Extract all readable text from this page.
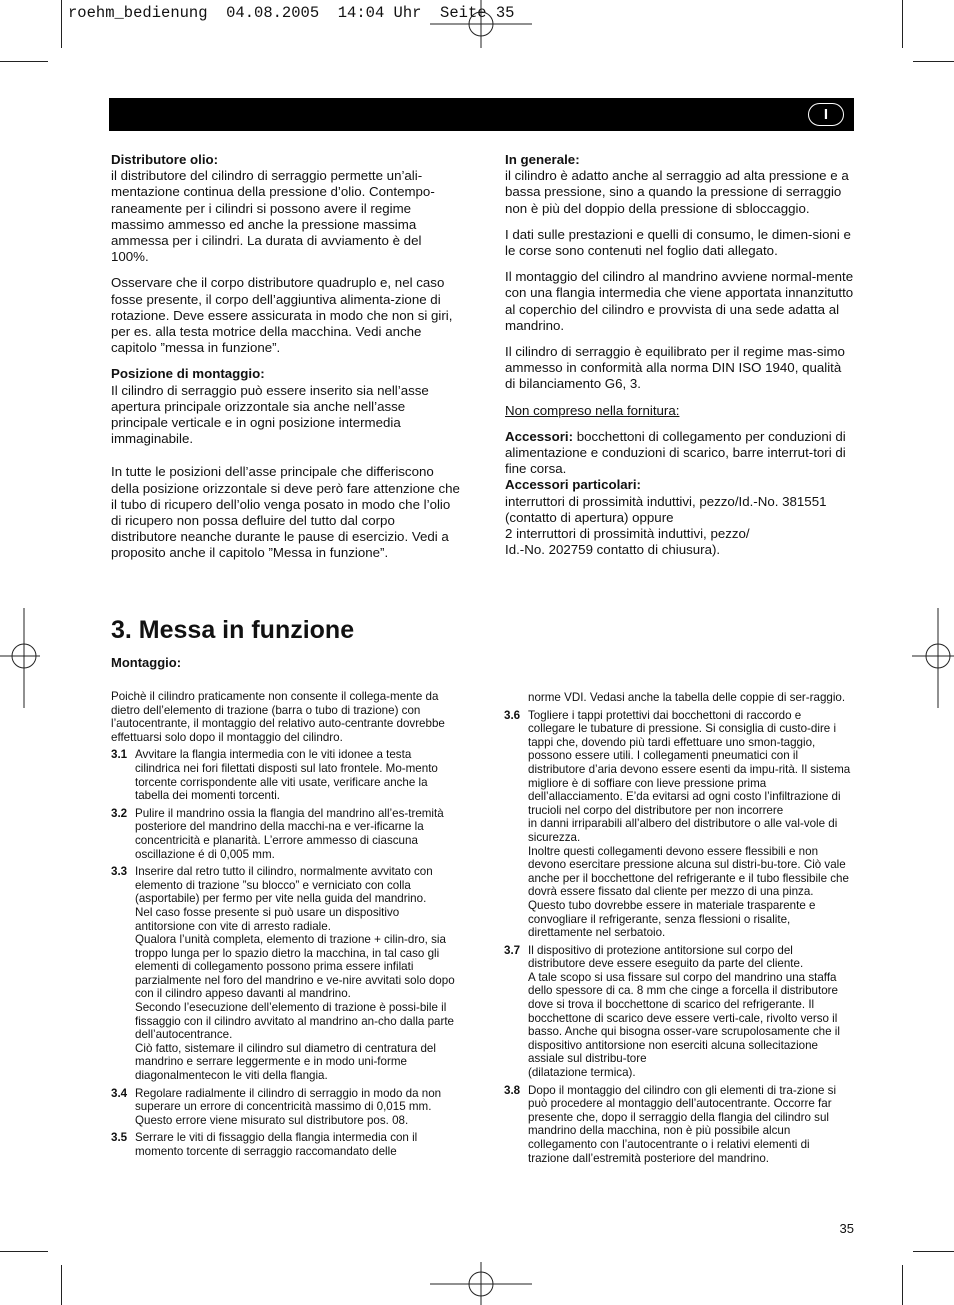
roehm_bedienung  04.08.2005  14:04 Uhr  Seite 35
I

Distributore olio:

il distributore del cilindro di serraggio permette un’ali-mentazione continua della pressione d’olio. Contempo-raneamente per i cilindri si possono avere il regime massimo ammesso ed anche la pressione massima ammessa per i cilindri. La durata di avviamento è del 100%.

Osservare che il corpo distributore quadruplo e, nel caso fosse presente, il corpo dell’aggiuntiva alimenta-zione di rotazione. Deve essere assicurata in modo che non si giri, per es. alla testa motrice della macchina. Vedi anche capitolo ”messa in funzione”.

Posizione di montaggio:

Il cilindro di serraggio può essere inserito sia nell’asse apertura principale orizzontale sia anche nell’asse principale verticale e in ogni posizione intermedia immaginabile.

In tutte le posizioni dell’asse principale che differiscono della posizione orizzontale si deve però fare attenzione che il tubo di ricupero dell’olio venga posato in modo che l’olio di ricupero non possa defluire del tutto dal corpo distributore neanche durante le pause di esercizio. Vedi a proposito anche il capitolo ”Messa in funzione”.

In generale:

il cilindro è adatto anche al serraggio ad alta pressione e a bassa pressione, sino a quando la pressione di serraggio non è più del doppio della pressione di sbloccaggio.

I dati sulle prestazioni e quelli di consumo, le dimen-sioni e le corse sono contenuti nel foglio dati allegato.

Il montaggio del cilindro al mandrino avviene normal-mente con una flangia intermedia che viene apportata innanzitutto al coperchio del cilindro e provvista di una sede adatta al mandrino.

Il cilindro di serraggio è equilibrato per il regime mas-simo ammesso in conformità alla norma DIN ISO 1940, qualità di bilanciamento G6, 3.

Non compreso nella fornitura:

Accessori: bocchettoni di collegamento per conduzioni di alimentazione e conduzioni di scarico, barre interrut-tori di fine corsa.

Accessori particolari:

interruttori di prossimità induttivi, pezzo/Id.-No. 381551
(contatto di apertura) oppure
2 interruttori di prossimità induttivi, pezzo/
Id.-No. 202759 contatto di chiusura).
3. Messa in funzione
Montaggio:

Poichè il cilindro praticamente non consente il collega-mente da dietro dell’elemento di trazione (barra o tubo di trazione) con l’autocentrante, il montaggio del relativo auto-centrante dovrebbe effettuarsi solo dopo il montaggio del cilindro.

3.1 Avvitare la flangia intermedia con le viti idonee a testa cilindrica nei fori filettati disposti sul lato frontele. Mo-mento torcente corrispondente alle viti usate, verificare anche la tabella dei momenti torcenti.
3.2 Pulire il mandrino ossia la flangia del mandrino all’es-tremità posteriore del mandrino della macchi-na e ver-ificarne la concentricità e planarità. L’errore ammesso di ciascuna oscillazione é di 0,005 mm.
3.3 Inserire dal retro tutto il cilindro, normalmente avvitato con elemento di trazione ”su blocco” e verniciato con colla (asportabile) per fermo per vite nella guida del mandrino.
Nel caso fosse presente si può usare un dispositivo antitorsione con vite di arresto radiale.
Qualora l’unità completa, elemento di trazione + cilin-dro, sia troppo lunga per lo spazio dietro la macchina, in tal caso gli elementi di collegamento possono prima essere infilati parzialmente nel foro del mandrino e ve-nire avvitati solo dopo con il cilindro appeso davanti al mandrino.
Secondo l’esecuzione dell’elemento di trazione è possi-bile il fissaggio con il cilindro avvitato al mandrino an-cho dalla parte dell’autocentrance.
Ciò fatto, sistemare il cilindro sul diametro di centratura del mandrino e serrare leggermente e in modo uni-forme diagonalmentecon le viti della flangia.
3.4 Regolare radialmente il cilindro di serraggio in modo da non superare un errore di concentricità massimo di 0,015 mm. Questo errore viene misurato sul distributore pos. 08.
3.5 Serrare le viti di fissaggio della flangia intermedia con il momento torcente di serraggio raccomandato delle
norme VDI. Vedasi anche la tabella delle coppie di ser-raggio.
3.6 Togliere i tappi protettivi dai bocchettoni di raccordo e collegare le tubature di pressione. Si consiglia di custo-dire i tappi che, dovendo più tardi effettuare uno smon-taggio, possono essere utili. I collegamenti pneumatici con il distributore d’aria devono essere esenti da impu-rità. Il sistema migliore è di soffiare con lieve pressione prima dell’allacciamento. E’da evitarsi ad ogni costo l’infiltrazione di trucioli nel corpo del distributore per non incorrere
in danni irriparabili all’albero del distributore o alle val-vole di sicurezza.
Inoltre questi collegamenti devono essere flessibili e non devono esercitare pressione alcuna sul distri-bu-tore. Ciò vale anche per il bocchettone del refrigerante e il tubo flessibile che dovrà essere fissato dal cliente per mezzo di una pinza. Questo tubo dovrebbe essere in materiale trasparente e convogliare il refrigerante, senza flessioni o risalite, direttamente nel serbatoio.
3.7 Il dispositivo di protezione antitorsione sul corpo del distributore deve essere eseguito da parte del cliente.
A tale scopo si usa fissare sul corpo del mandrino una staffa dello spessore di ca. 8 mm che cinge a forcella il distributore dove si trova il bocchettone di scarico del refrigerante. Il bocchettone di scarico deve essere verti-cale, rivolto verso il basso. Anche qui bisogna osser-vare scrupolosamente che il dispositivo antitorsione non eserciti alcuna sollecitazione assiale sul distribu-tore
(dilatazione termica).
3.8 Dopo il montaggio del cilindro con gli elementi di tra-zione si può procedere al montaggio dell’autocentrante. Occorre far presente che, dopo il serraggio della flangia del cilindro sul mandrino della macchina, non è più possibile alcun collegamento con l’autocentrante o i relativi elementi di trazione dall’estremità posteriore del mandrino.
35
